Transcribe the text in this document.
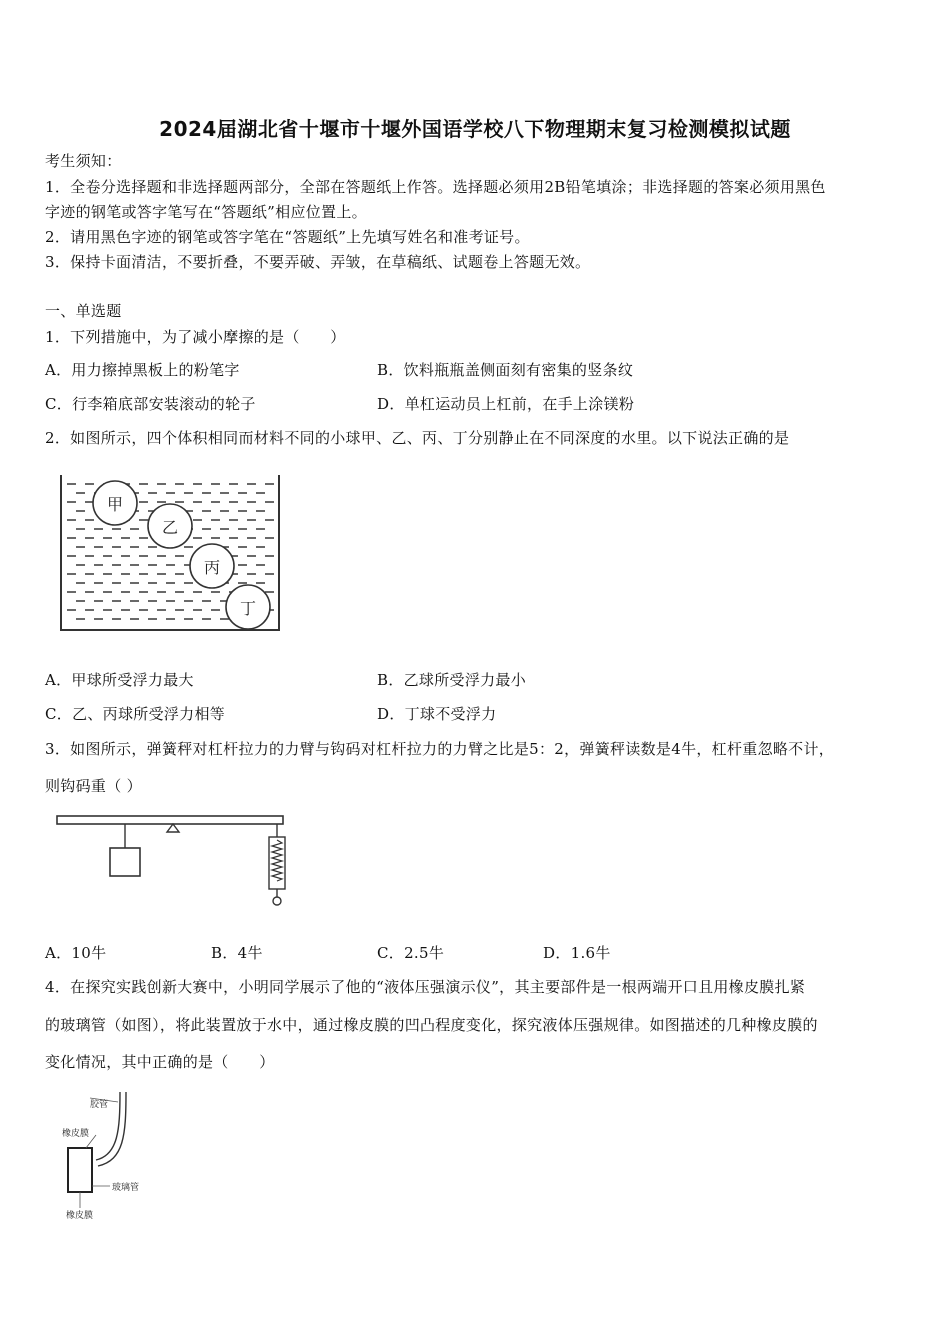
2024届湖北省十堰市十堰外国语学校八下物理期末复习检测模拟试题
考生须知：
1．全卷分选择题和非选择题两部分，全部在答题纸上作答。选择题必须用2B铅笔填涂；非选择题的答案必须用黑色
字迹的钢笔或答字笔写在“答题纸”相应位置上。
2．请用黑色字迹的钢笔或答字笔在“答题纸”上先填写姓名和准考证号。
3．保持卡面清洁，不要折叠，不要弄破、弄皱，在草稿纸、试题卷上答题无效。
一、单选题
1．下列措施中，为了减小摩擦的是（　　）
A．用力擦掉黑板上的粉笔字	B．饮料瓶瓶盖侧面刻有密集的竖条纹
C．行李箱底部安装滚动的轮子	D．单杠运动员上杠前，在手上涂镁粉
2．如图所示，四个体积相同而材料不同的小球甲、乙、丙、丁分别静止在不同深度的水里。以下说法正确的是
甲
乙
丙
丁
A．甲球所受浮力最大	B．乙球所受浮力最小
C．乙、丙球所受浮力相等	D．丁球不受浮力
3．如图所示，弹簧秤对杠杆拉力的力臂与钩码对杠杆拉力的力臂之比是5：2，弹簧秤读数是4牛，杠杆重忽略不计，
则钩码重（ ）
A．10牛	B．4牛	C．2.5牛	D．1.6牛
4．在探究实践创新大赛中，小明同学展示了他的“液体压强演示仪”，其主要部件是一根两端开口且用橡皮膜扎紧
的玻璃管（如图），将此装置放于水中，通过橡皮膜的凹凸程度变化，探究液体压强规律。如图描述的几种橡皮膜的
变化情况，其中正确的是（　　）
胶管
橡皮膜
玻璃管
橡皮膜
